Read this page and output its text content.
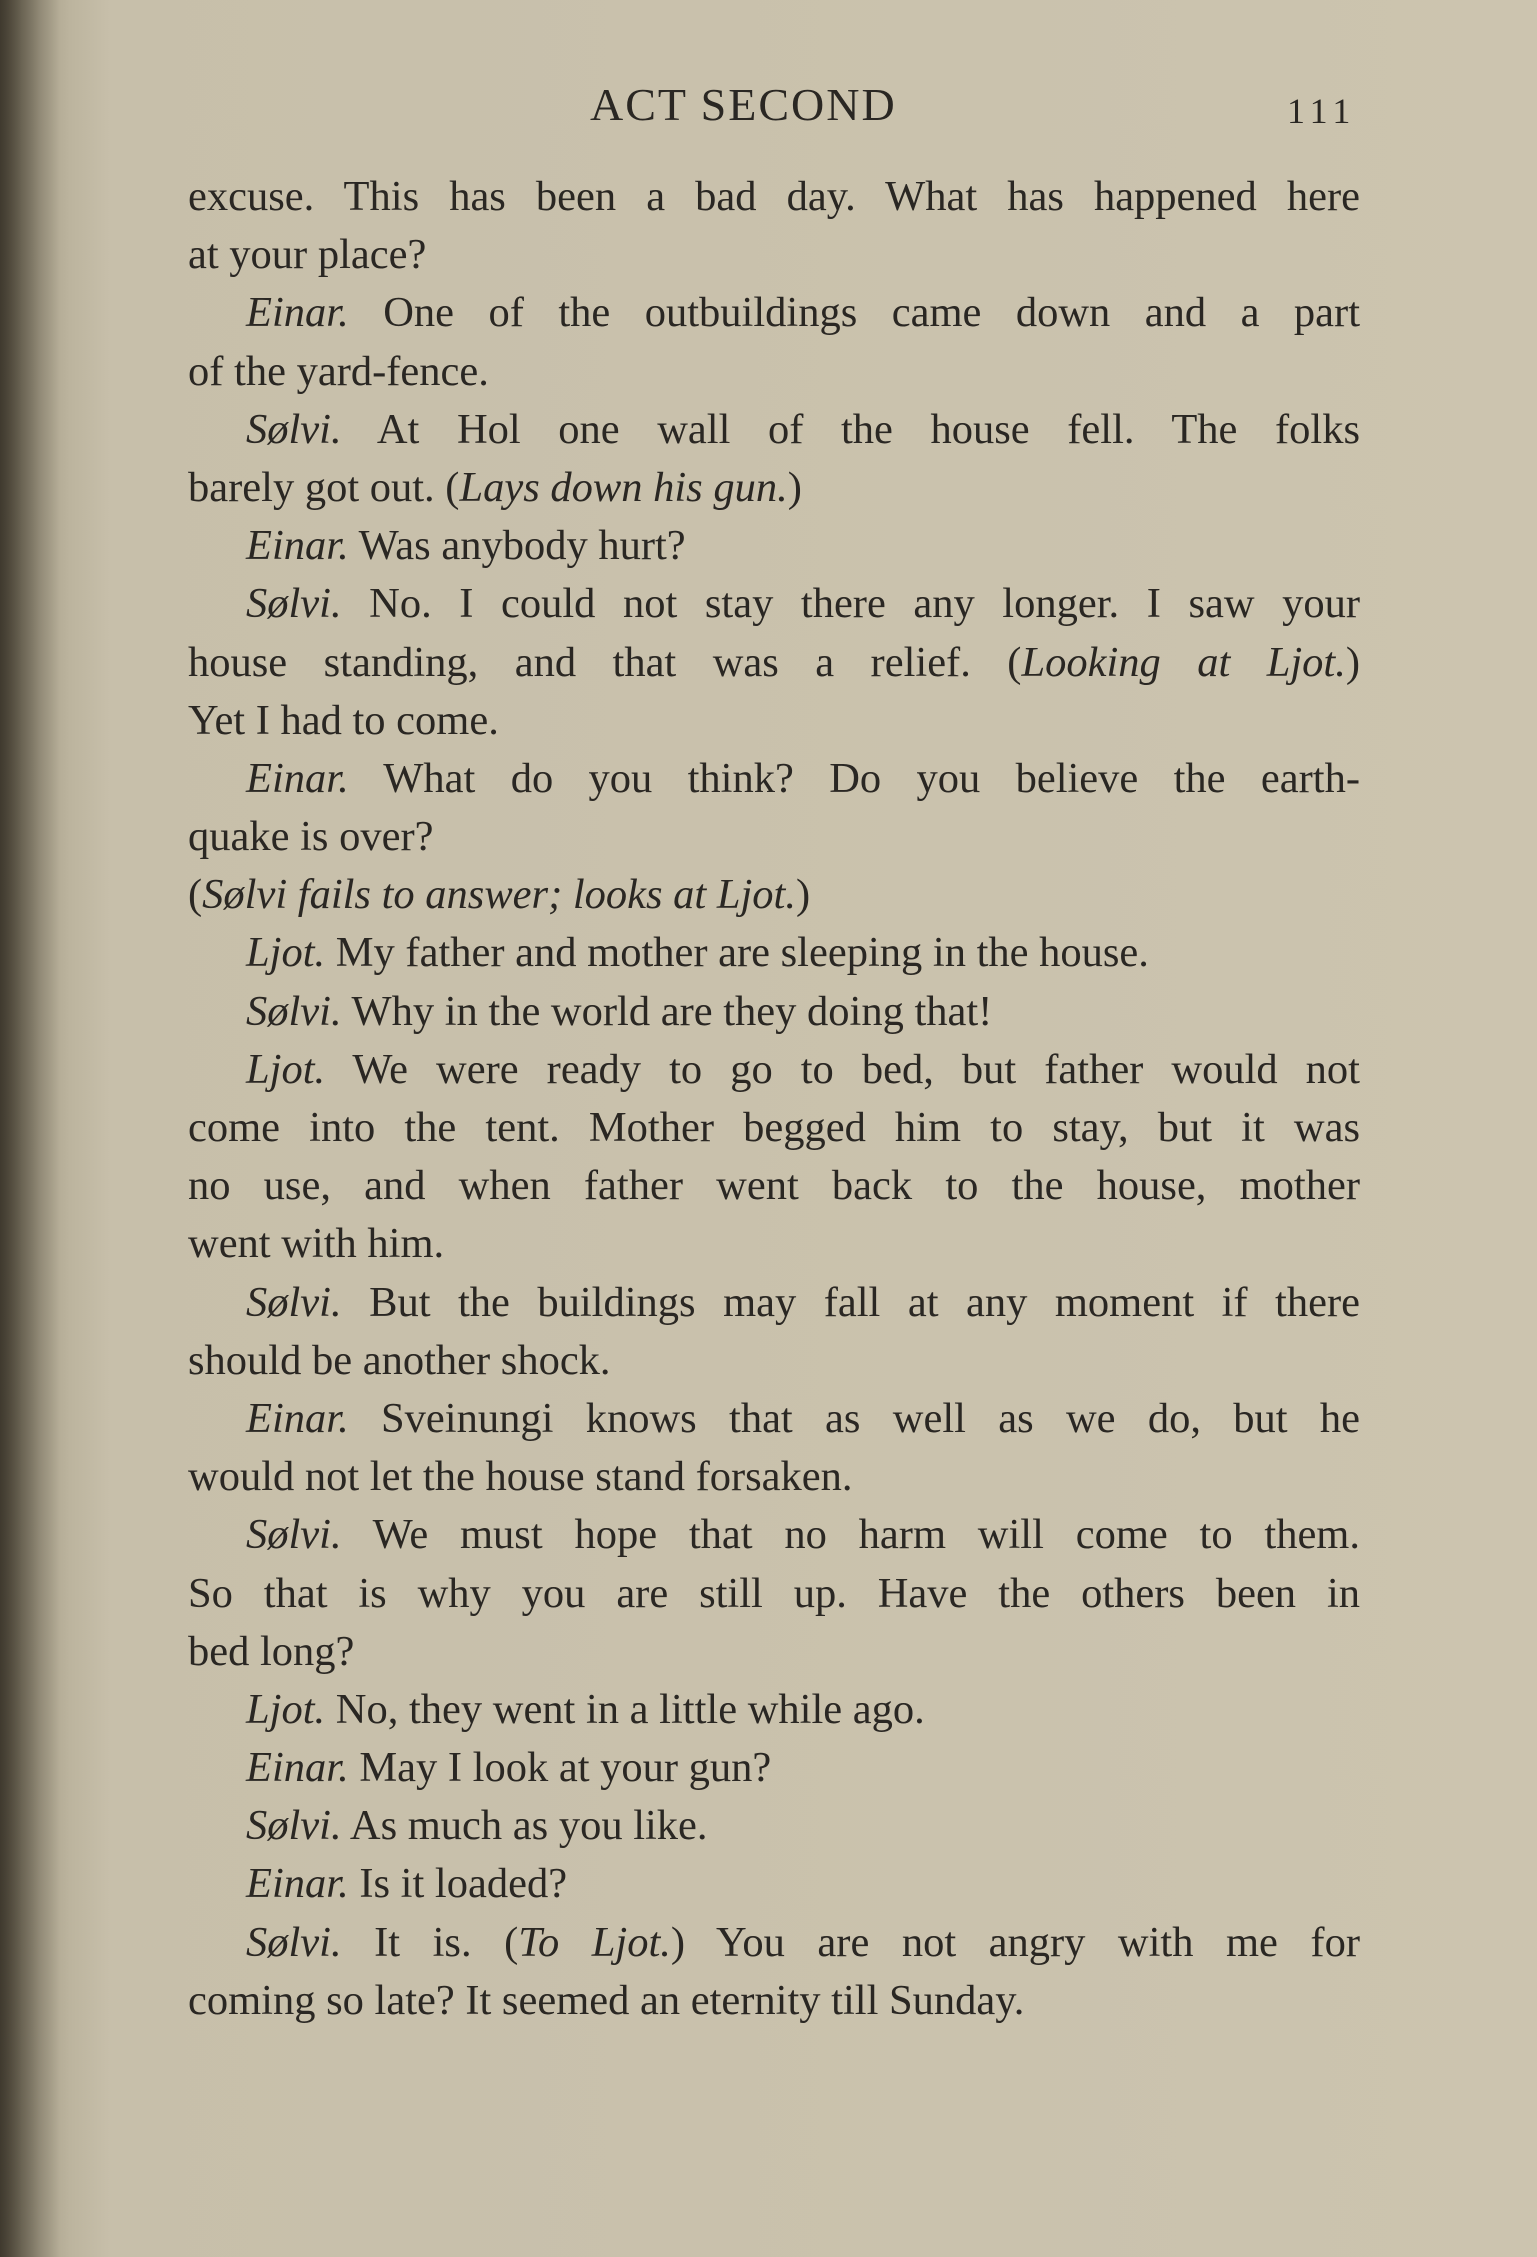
ACT SECOND	111
excuse. This has been a bad day. What has happened here
at your place?
Einar. One of the outbuildings came down and a part
of the yard-fence.
Sølvi. At Hol one wall of the house fell. The folks
barely got out. (Lays down his gun.)
Einar. Was anybody hurt?
Sølvi. No. I could not stay there any longer. I saw your
house standing, and that was a relief. (Looking at Ljot.)
Yet I had to come.
Einar. What do you think? Do you believe the earth-
quake is over?
(Sølvi fails to answer; looks at Ljot.)
Ljot. My father and mother are sleeping in the house.
Sølvi. Why in the world are they doing that!
Ljot. We were ready to go to bed, but father would not
come into the tent. Mother begged him to stay, but it was
no use, and when father went back to the house, mother
went with him.
Sølvi. But the buildings may fall at any moment if there
should be another shock.
Einar. Sveinungi knows that as well as we do, but he
would not let the house stand forsaken.
Sølvi. We must hope that no harm will come to them.
So that is why you are still up. Have the others been in
bed long?
Ljot. No, they went in a little while ago.
Einar. May I look at your gun?
Sølvi. As much as you like.
Einar. Is it loaded?
Sølvi. It is. (To Ljot.) You are not angry with me for
coming so late? It seemed an eternity till Sunday.
